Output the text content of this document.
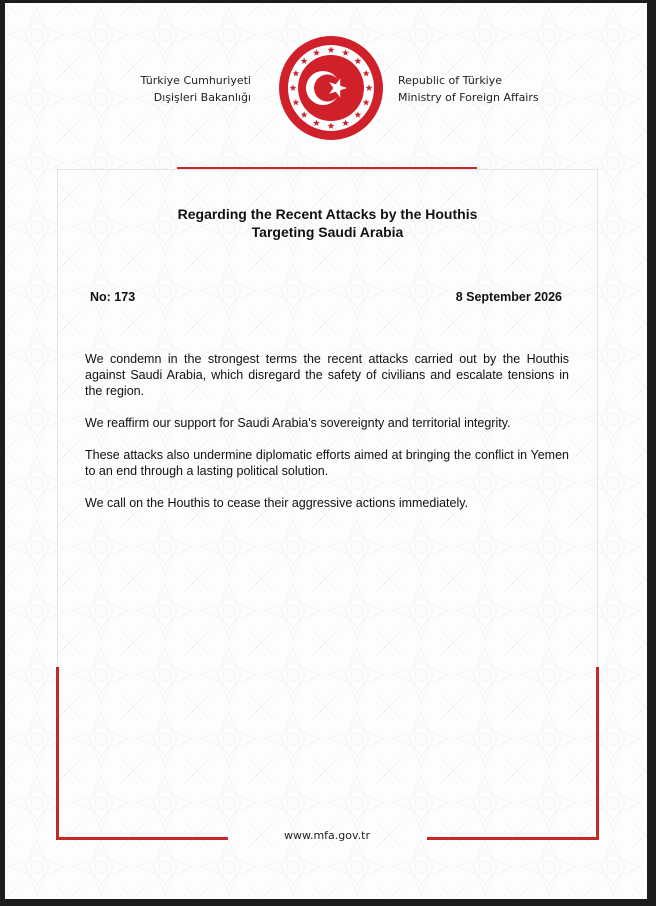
Türkiye Cumhuriyeti
Dışişleri Bakanlığı
Republic of Türkiye
Ministry of Foreign Affairs
Regarding the Recent Attacks by the Houthis
Targeting Saudi Arabia
No: 173	8 September 2026

We condemn in the strongest terms the recent attacks carried out by the Houthis against Saudi Arabia, which disregard the safety of civilians and escalate tensions in the region.

We reaffirm our support for Saudi Arabia's sovereignty and territorial integrity.

These attacks also undermine diplomatic efforts aimed at bringing the conflict in Yemen to an end through a lasting political solution.

We call on the Houthis to cease their aggressive actions immediately.

www.mfa.gov.tr
